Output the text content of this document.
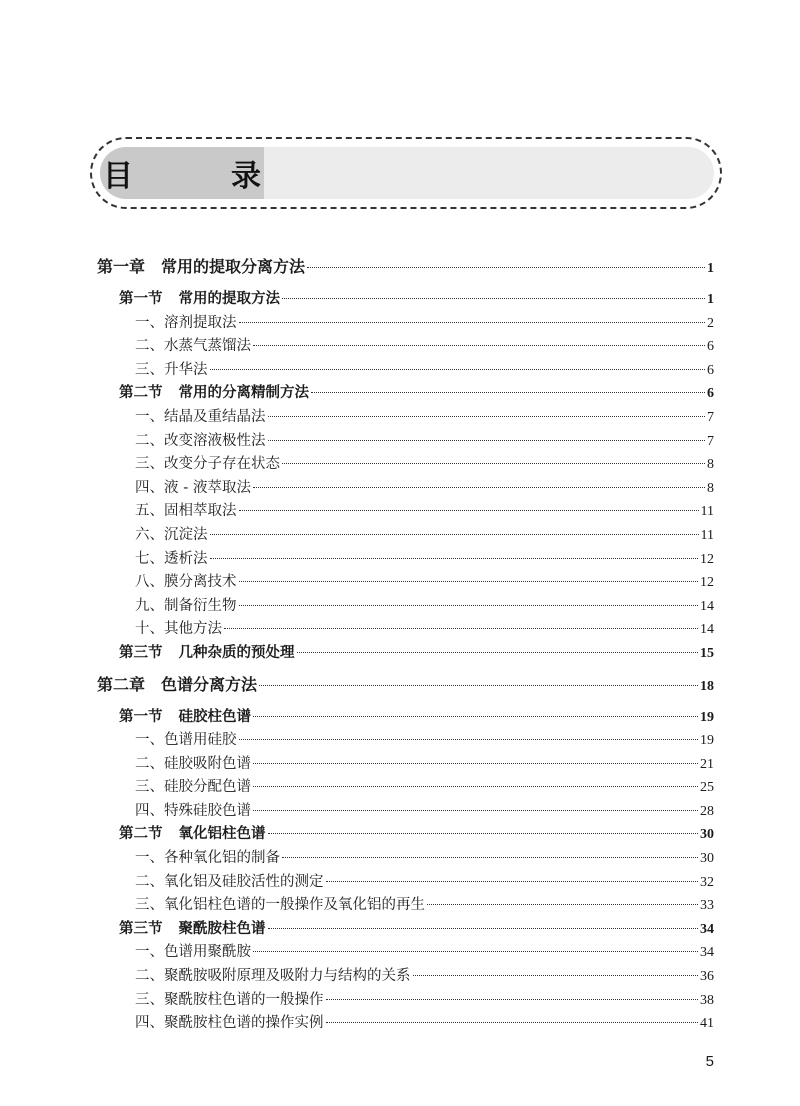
目　录
第一章 常用的提取分离方法	1
第一节 常用的提取方法	1
一、溶剂提取法	2
二、水蒸气蒸馏法	6
三、升华法	6
第二节 常用的分离精制方法	6
一、结晶及重结晶法	7
二、改变溶液极性法	7
三、改变分子存在状态	8
四、液 - 液萃取法	8
五、固相萃取法	11
六、沉淀法	11
七、透析法	12
八、膜分离技术	12
九、制备衍生物	14
十、其他方法	14
第三节 几种杂质的预处理	15
第二章 色谱分离方法	18
第一节 硅胶柱色谱	19
一、色谱用硅胶	19
二、硅胶吸附色谱	21
三、硅胶分配色谱	25
四、特殊硅胶色谱	28
第二节 氧化铝柱色谱	30
一、各种氧化铝的制备	30
二、氧化铝及硅胶活性的测定	32
三、氧化铝柱色谱的一般操作及氧化铝的再生	33
第三节 聚酰胺柱色谱	34
一、色谱用聚酰胺	34
二、聚酰胺吸附原理及吸附力与结构的关系	36
三、聚酰胺柱色谱的一般操作	38
四、聚酰胺柱色谱的操作实例	41
5
